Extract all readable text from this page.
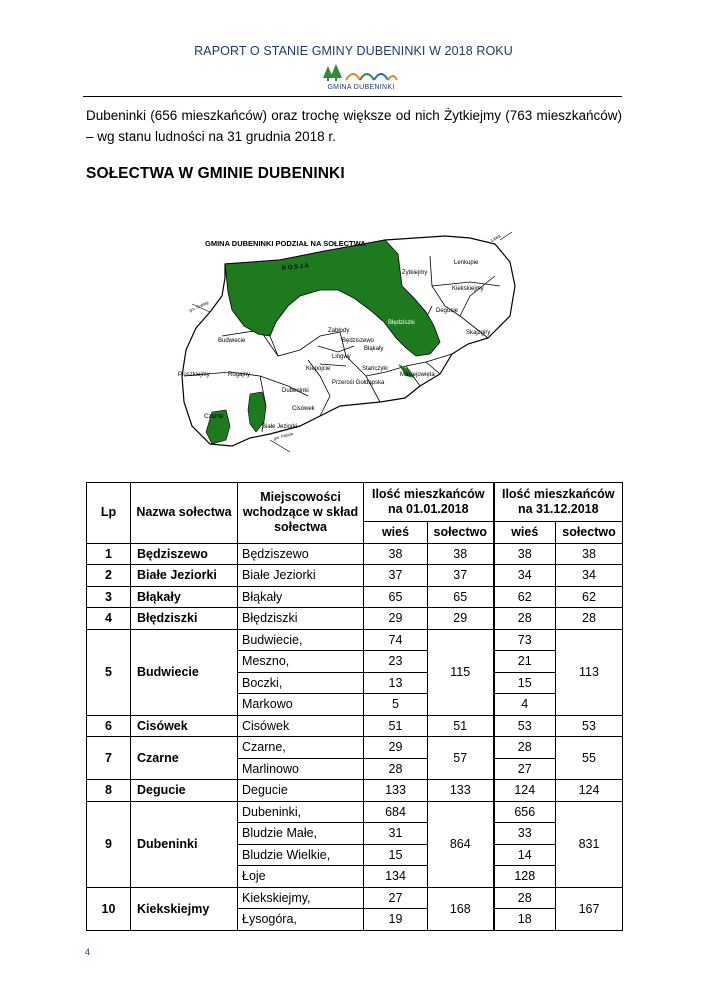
RAPORT O STANIE GMINY DUBENINKI W 2018 ROKU
GMINA DUBENINKI
Dubeninki (656 mieszkańców) oraz trochę większe od nich Żytkiejmy (763 mieszkańców) – wg stanu ludności na 31 grudnia 2018 r.
SOŁECTWA W GMINIE DUBENINKI
GMINA DUBENINKI PODZIAŁ NA SOŁECTWA
R O S J A
Litwa
Lenkupie
Żytkiejmy
Kiekskiejmy
Degucie
Błędziszki
Skajzgiry
Zabłody
Będziszewo
Błąkały
Lingwy
Budwiecie
Kiepojcie	Stańczyki
Maciejowięta
Przerośl Gołdapska
Pluszkiejmy	Rogajny
Dubeninki
Cisówek
Czarne
Białe Jeziorki
gm. Gołdap
gm. Filipów
Lp	Nazwa sołectwa	Miejscowości wchodzące w skład sołectwa	Ilość mieszkańców na 01.01.2018		Ilość mieszkańców na 31.12.2018	
			wieś	sołectwo	wieś	sołectwo
1	Będziszewo	Będziszewo	38	38	38	38
2	Białe Jeziorki	Białe Jeziorki	37	37	34	34
3	Błąkały	Błąkały	65	65	62	62
4	Błędziszki	Błędziszki	29	29	28	28
5	Budwiecie	Budwiecie,	74	115	73	113
		Meszno,	23		21	
		Boczki,	13		15	
		Markowo	5		4	
6	Cisówek	Cisówek	51	51	53	53
7	Czarne	Czarne,	29	57	28	55
		Marlinowo	28		27	
8	Degucie	Degucie	133	133	124	124
9	Dubeninki	Dubeninki,	684	864	656	831
		Bludzie Małe,	31		33	
		Bludzie Wielkie,	15		14	
		Łoje	134		128	
10	Kiekskiejmy	Kiekskiejmy,	27	168	28	167
		Łysogóra,	19		18	
4
